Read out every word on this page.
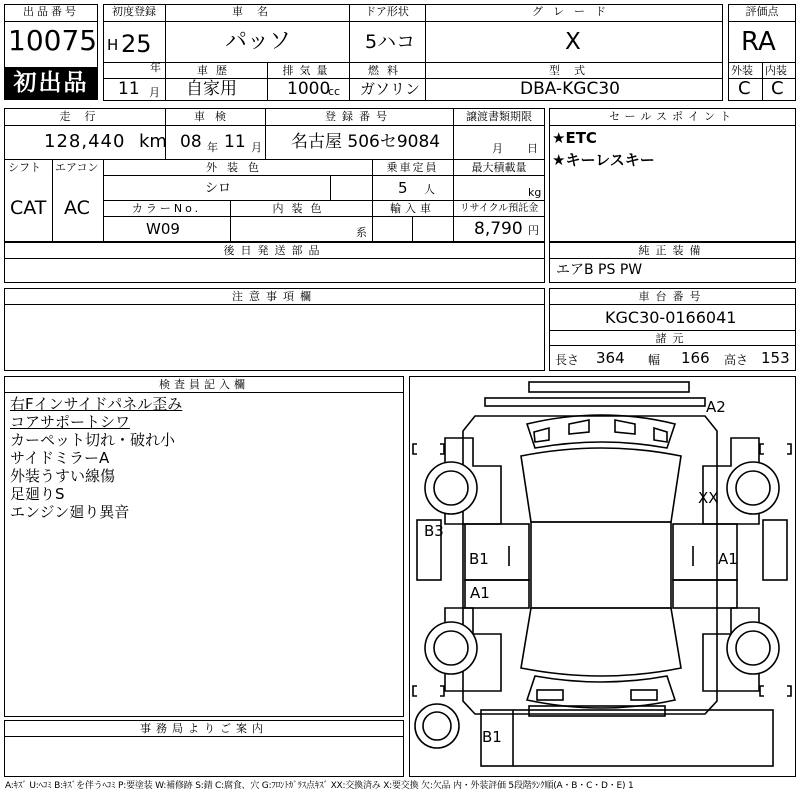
出品番号
10075
初出品
初度登録
H 25
年
11 月
車名
パッソ
ドア形状
5ハコ
グレード
X
車歴
自家用
排気量
1000
cc
燃料
ガソリン
型式
DBA-KGC30
評価点
RA
外装 内装
C C
走行
128,440 km
車検
08 年 11 月
登録番号
名古屋 506セ9084
譲渡書類期限
月 日
シフト エアコン
CAT AC
外装色
シロ
乗車定員
5 人
最大積載量
kg
カラーNo.
W09
内装色
系
輸入車	リサイクル預託金
8,790 円
後日発送部品
セールスポイント
★ETC
★キーレスキー
純正装備
エアB PS PW
注意事項欄	車台番号
KGC30-0166041
諸元
長さ 364 幅 166 高さ 153
検査員記入欄
右Fインサイドパネル歪み
コアサポートシワ
カーペット切れ・破れ小
サイドミラーA
外装うすい線傷
足廻りS
エンジン廻り異音
事務局よりご案内
A2
XX
B3
B1	A1
A1
B1
A:ｷｽﾞ U:ﾍｺﾐ B:ｷｽﾞを伴うﾍｺﾐ P:要塗装 W:補修跡 S:錆 C:腐食、穴 G:ﾌﾛﾝﾄｶﾞﾗｽ点ｷｽﾞ XX:交換済み X:要交換 欠:欠品 内・外装評価 5段階ﾗﾝｸ順(A・B・C・D・E) 1
